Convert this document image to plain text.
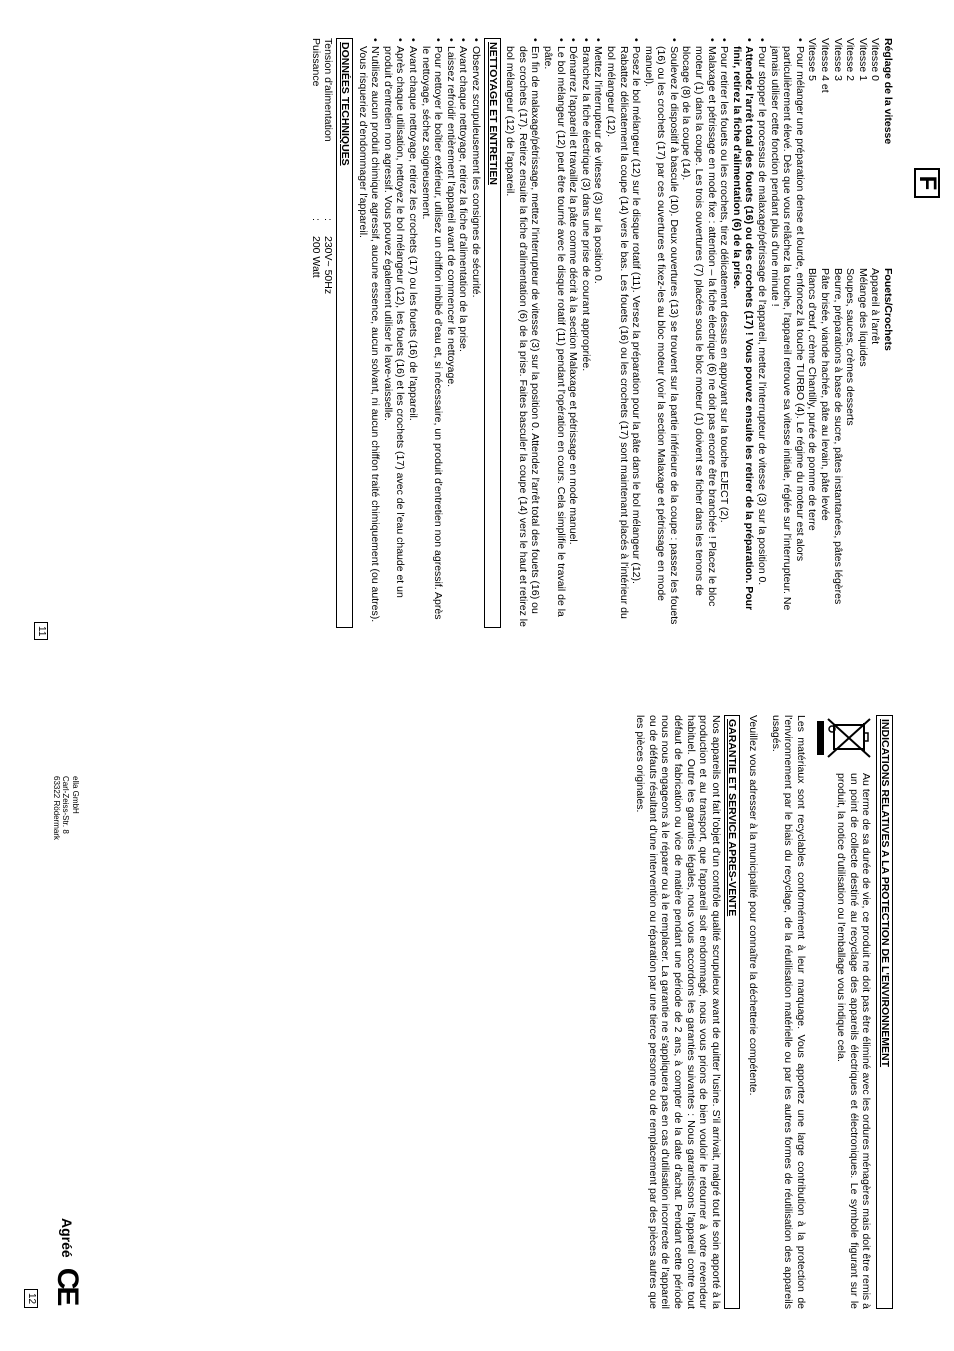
F

Réglage de la vitesse

Vitesse 0

Vitesse 1

Vitesse 2

Vitesse 3

Vitesse 4 et

Vitesse 5

Fouets/Crochets

Appareil à l'arrêt

Mélange des liquides

Soupes, sauces, crèmes desserts

Beurre, préparations à base de sucre, pâtes instantanées, pâtes légères

Pâte brisée, viande hachée, pâte au levain, pâte levée

Blancs d'œuf, crème Chantilly, purée de pomme de terre

• Pour mélanger une préparation dense et lourde, enfoncez la touche TURBO (4). Le régime du moteur est alors particulièrement élevé. Dès que vous relâchez la touche, l'appareil retrouve sa vitesse initiale, réglée sur l'interrupteur. Ne jamais utiliser cette fonction pendant plus d'une minute !

• Pour stopper le processus de malaxage/pétrissage de l'appareil, mettez l'interrupteur de vitesse (3) sur la position 0.

• Attendez l'arrêt total des fouets (16) ou des crochets (17) ! Vous pouvez ensuite les retirer de la préparation. Pour finir, retirez la fiche d'alimentation (6) de la prise.

• Pour retirer les fouets ou les crochets, tirez délicatement dessus en appuyant sur la touche EJECT (2).

• Malaxage et pétrissage en mode fixe : attention – la fiche électrique (6) ne doit pas encore être branchée ! Placez le bloc moteur (1) dans la coupe. Les trois ouvertures (7) placées sous le bloc moteur (1) doivent se ficher dans les tenons de blocage (8) de la coupe (14).

• Soulevez le dispositif à bascule (10). Deux ouvertures (13) se trouvent sur la partie inférieure de la coupe : passez les fouets (16) ou les crochets (17) par ces ouvertures et fixez-les au bloc moteur (voir la section Malaxage et pétrissage en mode manuel).

• Posez le bol mélangeur (12) sur le disque rotatif (11). Versez la préparation pour la pâte dans le bol mélangeur (12). Rabattez délicatement la coupe (14) vers le bas. Les fouets (16) ou les crochets (17) sont maintenant placés à l'intérieur du bol mélangeur (12).

• Mettez l'interrupteur de vitesse (3) sur la position 0.

• Branchez la fiche électrique (3) dans une prise de courant appropriée.

• Démarrez l'appareil et travaillez la pâte comme décrit à la section Malaxage et pétrissage en mode manuel.

• Le bol mélangeur (12) peut être tourné avec le disque rotatif (11) pendant l'opération en cours. Cela simplifie le travail de la pâte.

• En fin de malaxage/pétrissage, mettez l'interrupteur de vitesse (3) sur la position 0. Attendez l'arrêt total des fouets (16) ou des crochets (17). Retirez ensuite la fiche d'alimentation (6) de la prise. Faites basculer la coupe (14) vers le haut et retirez le bol mélangeur (12) de l'appareil.

NETTOYAGE ET ENTRETIEN

• Observez scrupuleusement les consignes de sécurité.

• Avant chaque nettoyage, retirez la fiche d'alimentation de la prise.

• Laissez refroidir entièrement l'appareil avant de commencer le nettoyage.

• Pour nettoyer le boîtier extérieur, utilisez un chiffon imbibé d'eau et, si nécessaire, un produit d'entretien non agressif. Après le nettoyage, séchez soigneusement.

• Avant chaque nettoyage, retirez les crochets (17) ou les fouets (16) de l'appareil.

• Après chaque utilisation, nettoyez le bol mélangeur (12), les fouets (16) et les crochets (17) avec de l'eau chaude et un produit d'entretien non agressif. Vous pouvez également utiliser le lave-vaisselle.

• N'utilisez aucun produit chimique agressif, aucune essence, aucun solvant, ni aucun chiffon traité chimiquement (ou autres). Vous risqueriez d'endommager l'appareil.

DONNÉES TECHNIQUES
Tension d'alimentation
:
230V~ 50Hz
Puissance
:
200 Watt
11
INDICATIONS RELATIVES A LA PROTECTION DE L'ENVIRONNEMENT

Au terme de sa durée de vie, ce produit ne doit pas être éliminé avec les ordures ménagères mais doit être remis à un point de collecte destiné au recyclage des appareils électriques et électroniques. Le symbole figurant sur le produit, la notice d'utilisation ou l'emballage vous indique cela.

Les matériaux sont recyclables conformément à leur marquage. Vous apportez une large contribution à la protection de l'environnement par le biais du recyclage, de la réutilisation matérielle ou par les autres formes de réutilisation des appareils usagés.

Veuillez vous adresser à la municipalité pour connaître la déchetterie compétente.

GARANTIE ET SERVICE APRES-VENTE

Nos appareils ont fait l'objet d'un contrôle qualité scrupuleux avant de quitter l'usine. S'il arrivait, malgré tout le soin apporté à la production et au transport, que l'appareil soit endommagé, nous vous prions de bien vouloir le retourner à votre revendeur habituel. Outre les garanties légales, nous vous accordons les garanties suivantes : Nous garantissons l'appareil contre tout défaut de fabrication ou vice de matière pendant une période de 2 ans, à compter de la date d'achat. Pendant cette période nous nous engageons à le réparer ou à le remplacer. La garantie ne s'appliquera pas en cas d'utilisation incorrecte de l'appareil ou de défauts résultant d'une intervention ou réparation par une tierce personne ou de remplacement par des pièces autres que les pièces originales.

ella GmbH
Carl-Zeiss-Str. 8
63322 Rödermark
Agréé
CE
12
